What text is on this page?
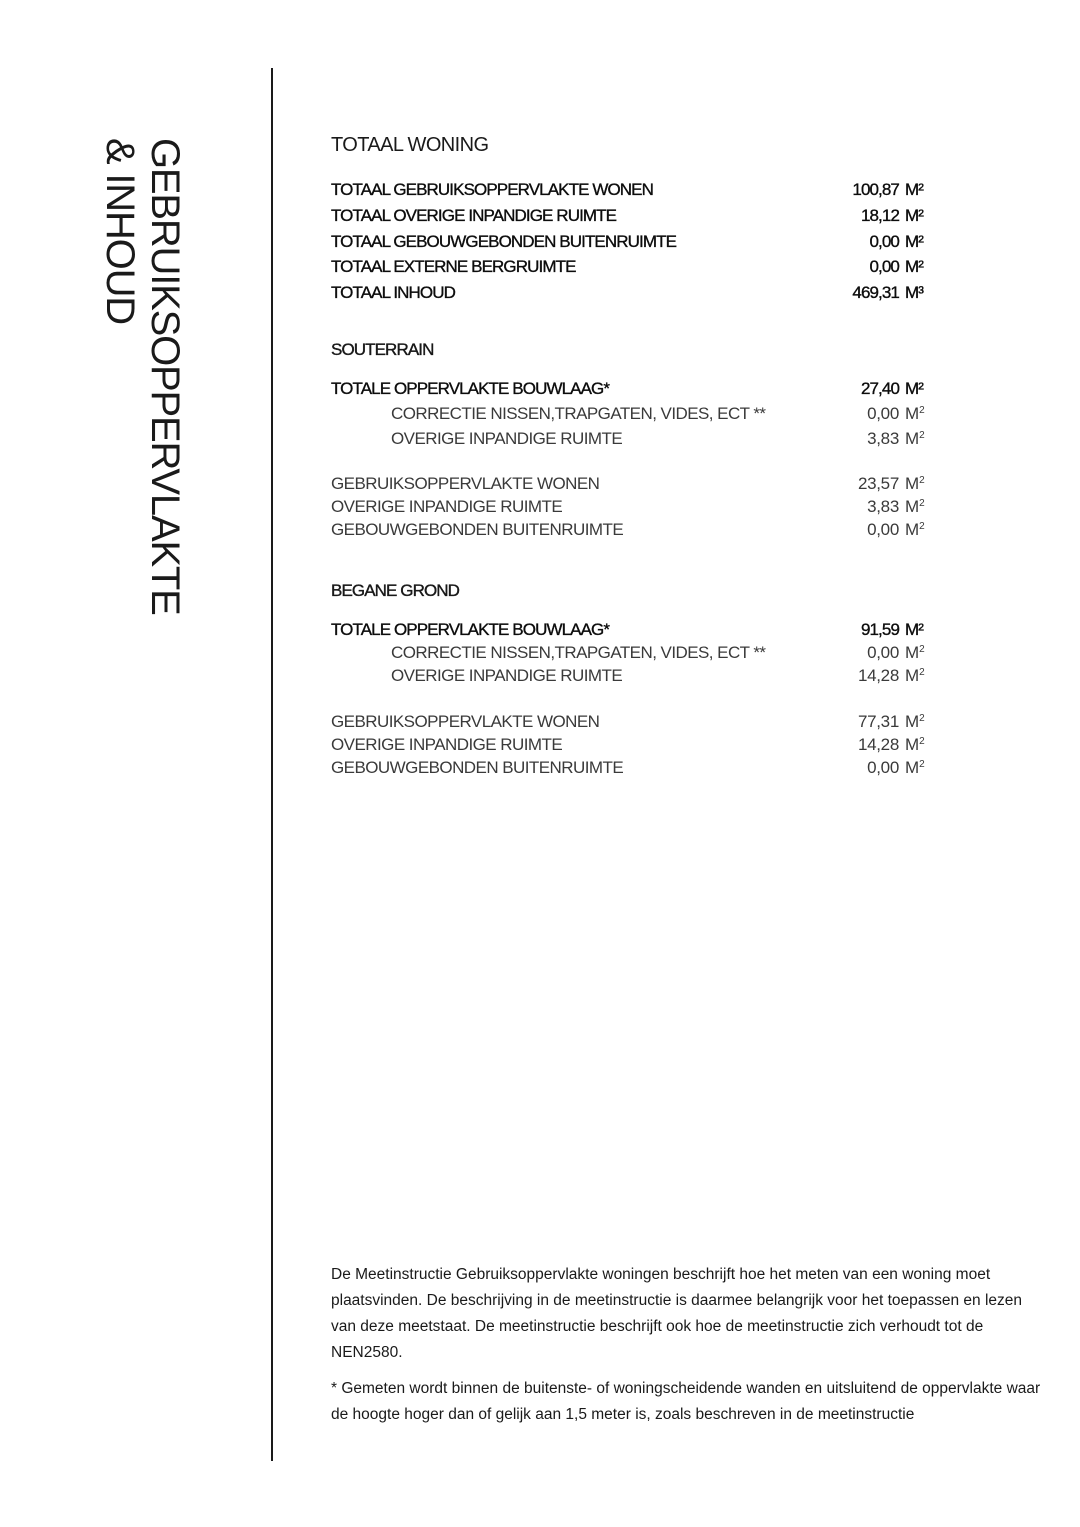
GEBRUIKSOPPERVLAKTE
& INHOUD	TOTAAL WONING
TOTAAL GEBRUIKSOPPERVLAKTE WONEN	100,87 M²
TOTAAL OVERIGE INPANDIGE RUIMTE	18,12 M²
TOTAAL GEBOUWGEBONDEN BUITENRUIMTE	0,00 M²
TOTAAL EXTERNE BERGRUIMTE	0,00 M²
TOTAAL INHOUD	469,31 M³
SOUTERRAIN
TOTALE OPPERVLAKTE BOUWLAAG*	27,40 M²
CORRECTIE NISSEN,TRAPGATEN, VIDES, ECT **	0,00 $M^2$
OVERIGE INPANDIGE RUIMTE	3,83 $M^2$
GEBRUIKSOPPERVLAKTE WONEN	23,57 $M^2$
OVERIGE INPANDIGE RUIMTE	3,83 $M^2$
GEBOUWGEBONDEN BUITENRUIMTE	0,00 $M^2$
BEGANE GROND
TOTALE OPPERVLAKTE BOUWLAAG*	91,59 M²
CORRECTIE NISSEN,TRAPGATEN, VIDES, ECT **	0,00 $M^2$
OVERIGE INPANDIGE RUIMTE	14,28 $M^2$
GEBRUIKSOPPERVLAKTE WONEN	77,31 $M^2$
OVERIGE INPANDIGE RUIMTE	14,28 $M^2$
GEBOUWGEBONDEN BUITENRUIMTE	0,00 $M^2$

De Meetinstructie Gebruiksoppervlakte woningen beschrijft hoe het meten van een woning moet plaatsvinden. De beschrijving in de meetinstructie is daarmee belangrijk voor het toepassen en lezen van deze meetstaat. De meetinstructie beschrijft ook hoe de meetinstructie zich verhoudt tot de NEN2580.

* Gemeten wordt binnen de buitenste- of woningscheidende wanden en uitsluitend de oppervlakte waar de hoogte hoger dan of gelijk aan 1,5 meter is, zoals beschreven in de meetinstructie
